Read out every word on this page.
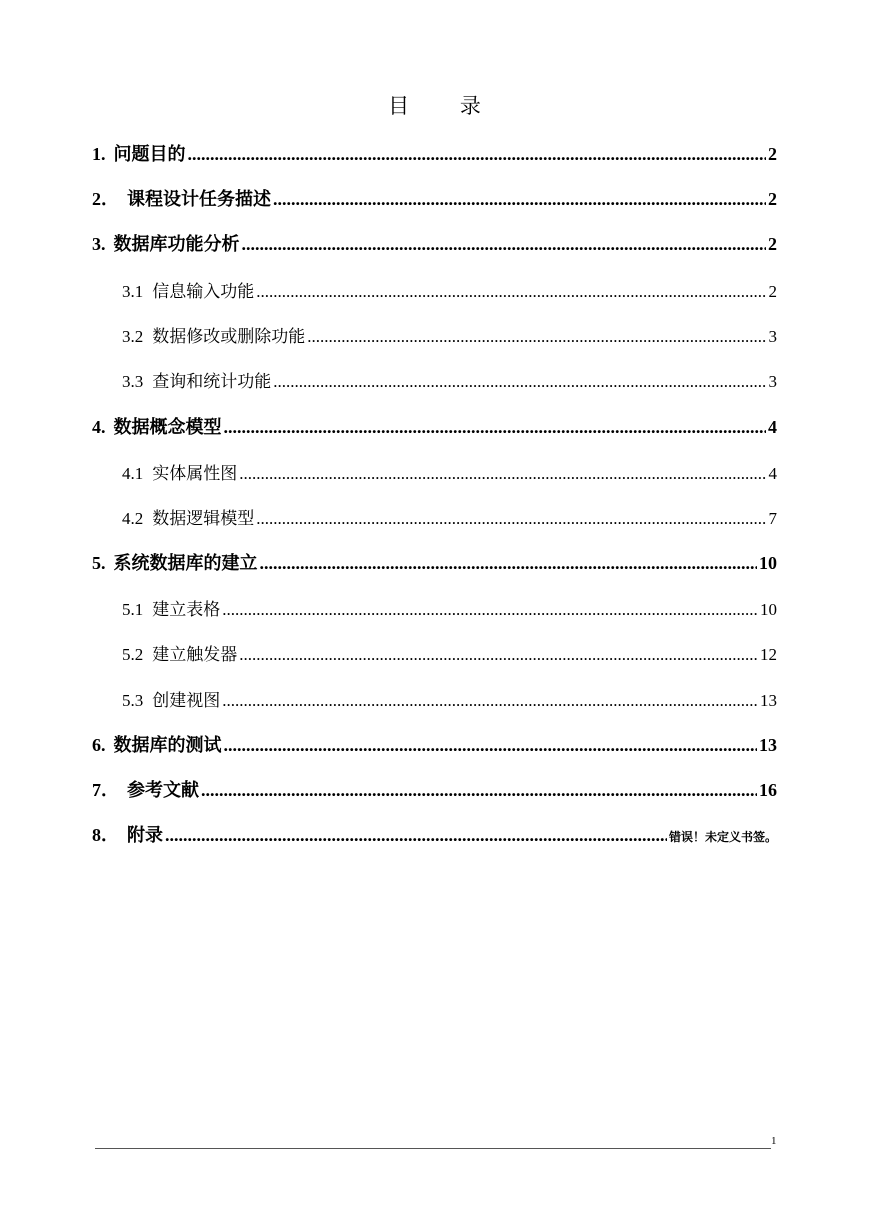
目 录
1. 问题目的 .....	2
2． 课程设计任务描述 .....	2
3. 数据库功能分析 .....	2
3.1 信息输入功能 .....	2
3.2 数据修改或删除功能 .....	3
3.3 查询和统计功能 .....	3
4. 数据概念模型 .....	4
4.1 实体属性图 .....	4
4.2 数据逻辑模型 .....	7
5. 系统数据库的建立 .....	10
5.1 建立表格 .....	10
5.2 建立触发器 .....	12
5.3 创建视图 .....	13
6. 数据库的测试 .....	13
7． 参考文献 .....	16
8． 附录 .....	错误！未定义书签。
1
